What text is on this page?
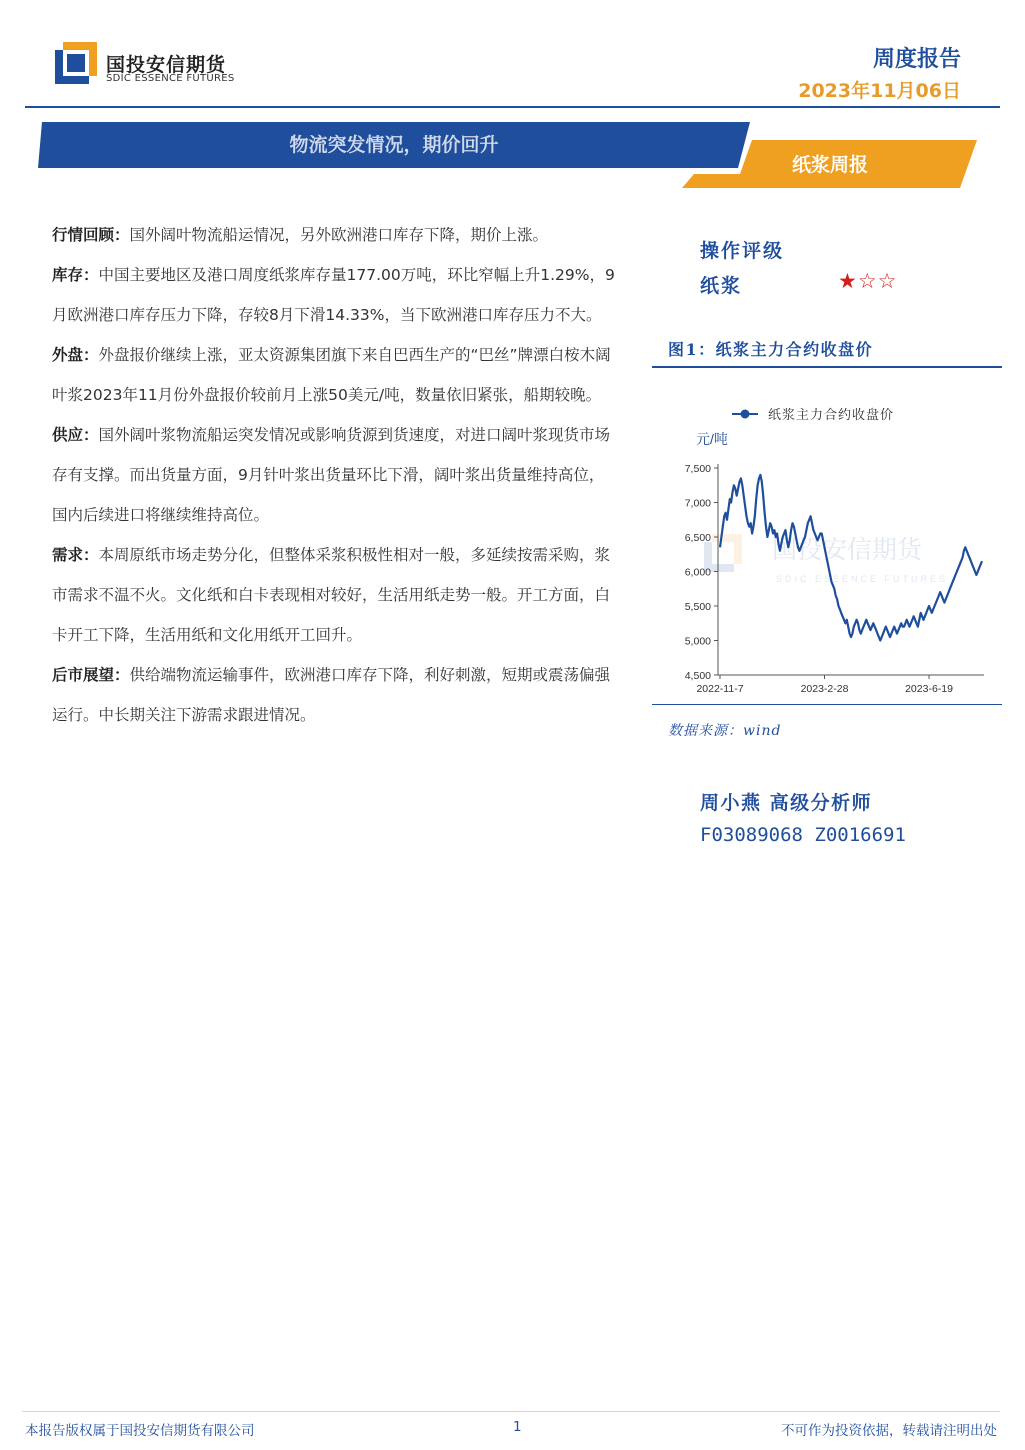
国投安信期货
SDIC ESSENCE FUTURES
周度报告
2023年11月06日
物流突发情况，期价回升
纸浆周报

行情回顾：国外阔叶物流船运情况，另外欧洲港口库存下降，期价上涨。

库存：中国主要地区及港口周度纸浆库存量177.00万吨，环比窄幅上升1.29%，9月欧洲港口库存压力下降，存较8月下滑14.33%，当下欧洲港口库存压力不大。

外盘：外盘报价继续上涨，亚太资源集团旗下来自巴西生产的“巴丝”牌漂白桉木阔叶浆2023年11月份外盘报价较前月上涨50美元/吨，数量依旧紧张，船期较晚。

供应：国外阔叶浆物流船运突发情况或影响货源到货速度，对进口阔叶浆现货市场存有支撑。而出货量方面，9月针叶浆出货量环比下滑，阔叶浆出货量维持高位，国内后续进口将继续维持高位。

需求：本周原纸市场走势分化，但整体采浆积极性相对一般，多延续按需采购，浆市需求不温不火。文化纸和白卡表现相对较好，生活用纸走势一般。开工方面，白卡开工下降，生活用纸和文化用纸开工回升。

后市展望：供给端物流运输事件，欧洲港口库存下降，利好刺激，短期或震荡偏强运行。中长期关注下游需求跟进情况。

操作评级
纸浆	★☆☆
图1：纸浆主力合约收盘价
国投安信期货
SDIC ESSENCE FUTURES
纸浆主力合约收盘价
元/吨
4,500
5,000
5,500
6,000
6,500
7,000
7,500
2022-11-7	2023-2-28	2023-6-19
数据来源：wind
周小燕 高级分析师
F03089068 Z0016691
本报告版权属于国投安信期货有限公司	1	不可作为投资依据，转载请注明出处
